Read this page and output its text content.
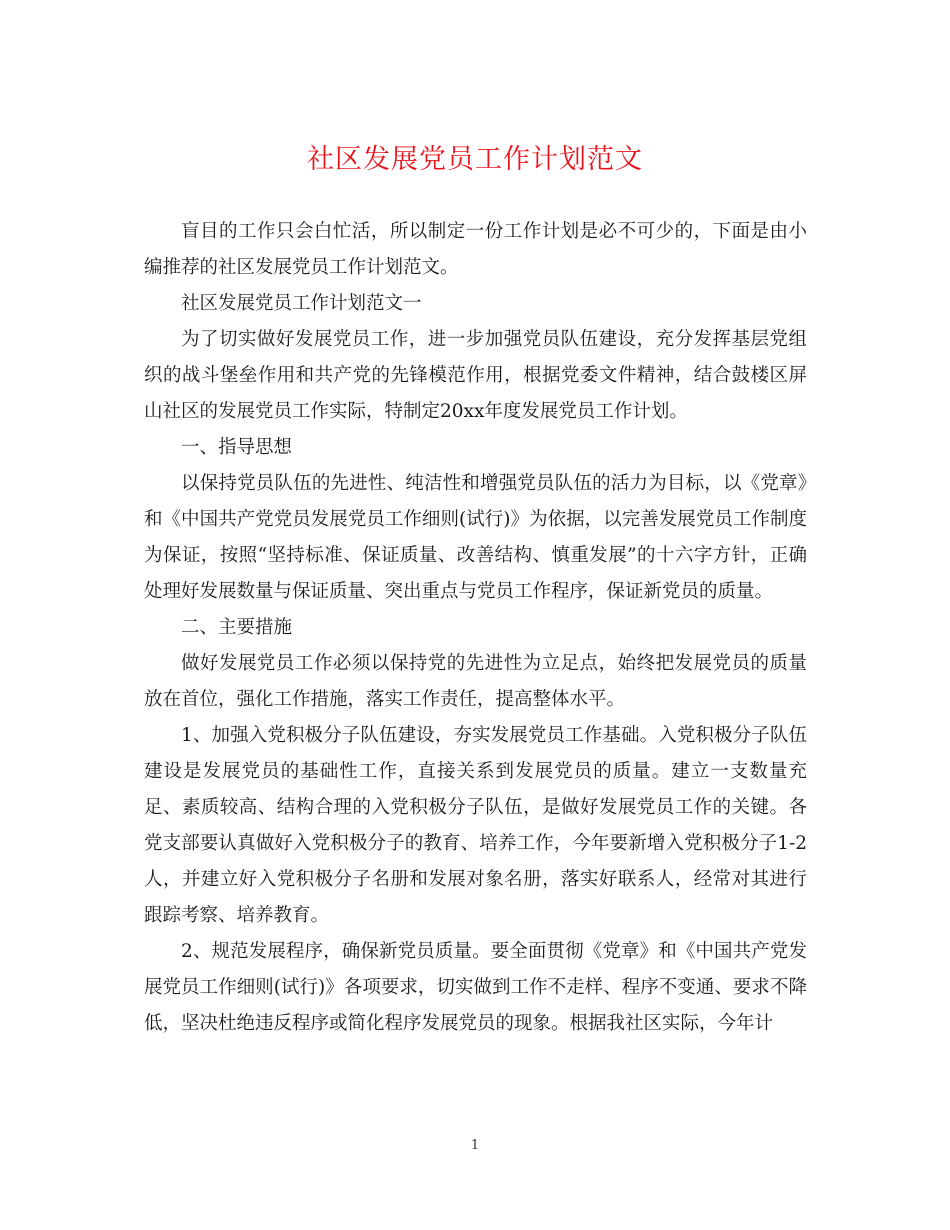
社区发展党员工作计划范文

盲目的工作只会白忙活，所以制定一份工作计划是必不可少的，下面是由小编推荐的社区发展党员工作计划范文。

社区发展党员工作计划范文一

为了切实做好发展党员工作，进一步加强党员队伍建设，充分发挥基层党组织的战斗堡垒作用和共产党的先锋模范作用，根据党委文件精神，结合鼓楼区屏山社区的发展党员工作实际，特制定20xx年度发展党员工作计划。

一、指导思想

以保持党员队伍的先进性、纯洁性和增强党员队伍的活力为目标，以《党章》和《中国共产党党员发展党员工作细则(试行)》为依据，以完善发展党员工作制度为保证，按照“坚持标准、保证质量、改善结构、慎重发展”的十六字方针，正确处理好发展数量与保证质量、突出重点与党员工作程序，保证新党员的质量。

二、主要措施

做好发展党员工作必须以保持党的先进性为立足点，始终把发展党员的质量放在首位，强化工作措施，落实工作责任，提高整体水平。

1、加强入党积极分子队伍建设，夯实发展党员工作基础。入党积极分子队伍建设是发展党员的基础性工作，直接关系到发展党员的质量。建立一支数量充足、素质较高、结构合理的入党积极分子队伍，是做好发展党员工作的关键。各党支部要认真做好入党积极分子的教育、培养工作，今年要新增入党积极分子1-2人，并建立好入党积极分子名册和发展对象名册，落实好联系人，经常对其进行跟踪考察、培养教育。

2、规范发展程序，确保新党员质量。要全面贯彻《党章》和《中国共产党发展党员工作细则(试行)》各项要求，切实做到工作不走样、程序不变通、要求不降低，坚决杜绝违反程序或简化程序发展党员的现象。根据我社区实际，今年计

1
